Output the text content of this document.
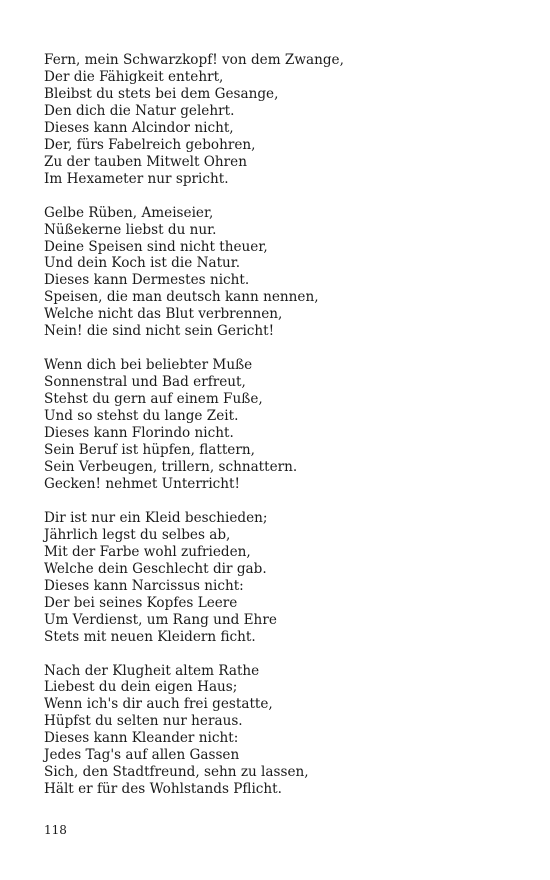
Fern, mein Schwarzkopf! von dem Zwange,
Der die Fähigkeit entehrt,
Bleibst du stets bei dem Gesange,
Den dich die Natur gelehrt.
Dieses kann Alcindor nicht,
Der, fürs Fabelreich gebohren,
Zu der tauben Mitwelt Ohren
Im Hexameter nur spricht.
Gelbe Rüben, Ameiseier,
Nüßekerne liebst du nur.
Deine Speisen sind nicht theuer,
Und dein Koch ist die Natur.
Dieses kann Dermestes nicht.
Speisen, die man deutsch kann nennen,
Welche nicht das Blut verbrennen,
Nein! die sind nicht sein Gericht!
Wenn dich bei beliebter Muße
Sonnenstral und Bad erfreut,
Stehst du gern auf einem Fuße,
Und so stehst du lange Zeit.
Dieses kann Florindo nicht.
Sein Beruf ist hüpfen, flattern,
Sein Verbeugen, trillern, schnattern.
Gecken! nehmet Unterricht!
Dir ist nur ein Kleid beschieden;
Jährlich legst du selbes ab,
Mit der Farbe wohl zufrieden,
Welche dein Geschlecht dir gab.
Dieses kann Narcissus nicht:
Der bei seines Kopfes Leere
Um Verdienst, um Rang und Ehre
Stets mit neuen Kleidern ficht.
Nach der Klugheit altem Rathe
Liebest du dein eigen Haus;
Wenn ich's dir auch frei gestatte,
Hüpfst du selten nur heraus.
Dieses kann Kleander nicht:
Jedes Tag's auf allen Gassen
Sich, den Stadtfreund, sehn zu lassen,
Hält er für des Wohlstands Pflicht.
118
